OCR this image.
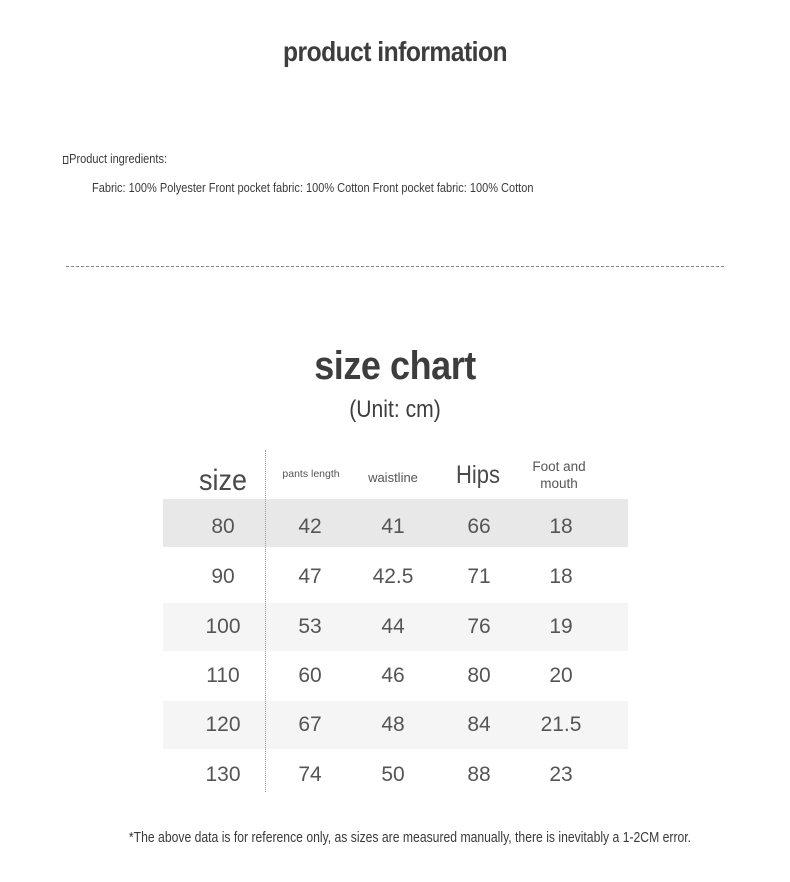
product information
Product ingredients:
Fabric: 100% Polyester Front pocket fabric: 100% Cotton Front pocket fabric: 100% Cotton
size chart
(Unit: cm)
size	pants length	waistline	Hips	Foot and
mouth
80	42	41	66	18
90	47	42.5	71	18
100	53	44	76	19
110	60	46	80	20
120	67	48	84	21.5
130	74	50	88	23
*The above data is for reference only, as sizes are measured manually, there is inevitably a 1-2CM error.
